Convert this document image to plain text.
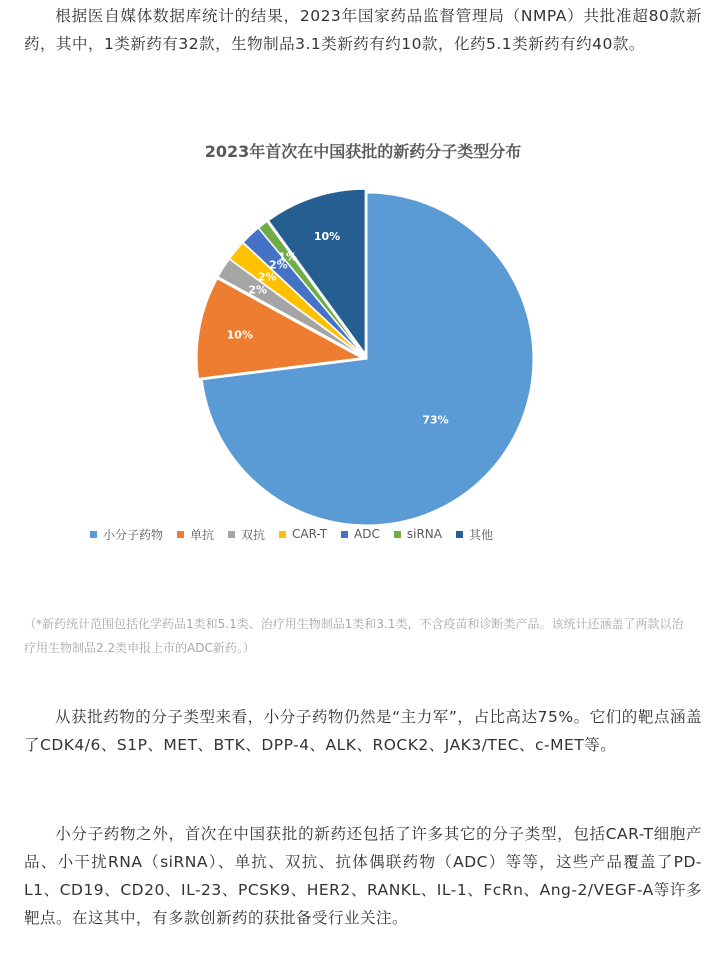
根据医自媒体数据库统计的结果，2023年国家药品监督管理局（NMPA）共批准超80款新药，其中，1类新药有32款，生物制品3.1类新药有约10款，化药5.1类新药有约40款。
73%
10%
2%
2%
2%
1%
10%
2023年首次在中国获批的新药分子类型分布
小分子药物 单抗 双抗 CAR-T ADC siRNA 其他
（*新药统计范围包括化学药品1类和5.1类、治疗用生物制品1类和3.1类，不含疫苗和诊断类产品。该统计还涵盖了两款以治疗用生物制品2.2类申报上市的ADC新药。）
从获批药物的分子类型来看，小分子药物仍然是“主力军”，占比高达75%。它们的靶点涵盖了CDK4/6、S1P、MET、BTK、DPP-4、ALK、ROCK2、JAK3/TEC、c-MET等。
小分子药物之外，首次在中国获批的新药还包括了许多其它的分子类型，包括CAR-T细胞产品、小干扰RNA（siRNA）、单抗、双抗、抗体偶联药物（ADC）等等，这些产品覆盖了PD-L1、CD19、CD20、IL-23、PCSK9、HER2、RANKL、IL-1、FcRn、Ang-2/VEGF-A等许多靶点。在这其中，有多款创新药的获批备受行业关注。
